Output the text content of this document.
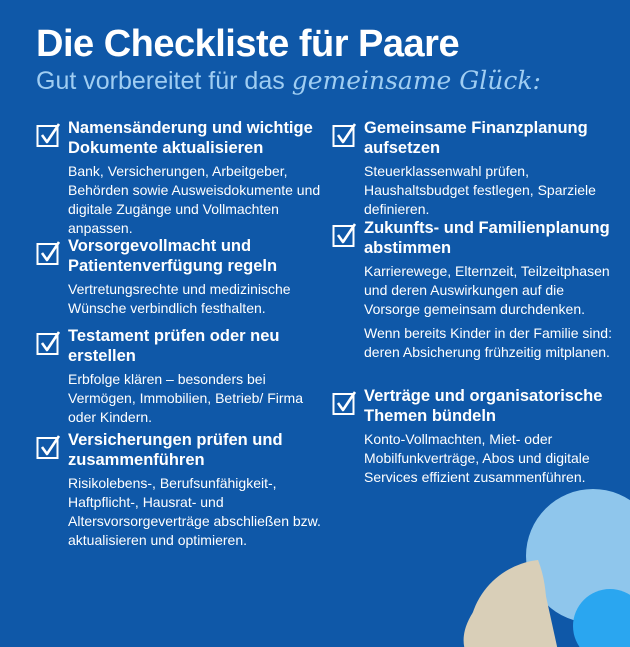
Die Checkliste für Paare
Gut vorbereitet für das gemeinsame Glück:
Namensänderung und wichtige Dokumente aktualisieren

Bank, Versicherungen, Arbeitgeber, Behörden sowie Ausweisdokumente und digitale Zugänge und Vollmachten anpassen.

Vorsorgevollmacht und Patientenverfügung regeln

Vertretungsrechte und medizinische Wünsche verbindlich festhalten.

Testament prüfen oder neu erstellen

Erbfolge klären – besonders bei Vermögen, Immobilien, Betrieb/ Firma oder Kindern.

Versicherungen prüfen und zusammenführen

Risikolebens-, Berufsunfähigkeit-, Haftpflicht-, Hausrat- und Altersvorsorgeverträge abschließen bzw. aktualisieren und optimieren.

Gemeinsame Finanzplanung aufsetzen

Steuerklassenwahl prüfen, Haushaltsbudget festlegen, Sparziele definieren.

Zukunfts- und Familienplanung abstimmen

Karrierewege, Elternzeit, Teilzeitphasen und deren Auswirkungen auf die Vorsorge gemeinsam durchdenken.

Wenn bereits Kinder in der Familie sind: deren Absicherung frühzeitig mitplanen.

Verträge und organisatorische Themen bündeln

Konto-Vollmachten, Miet- oder Mobilfunkverträge, Abos und digitale Services effizient zusammenführen.
